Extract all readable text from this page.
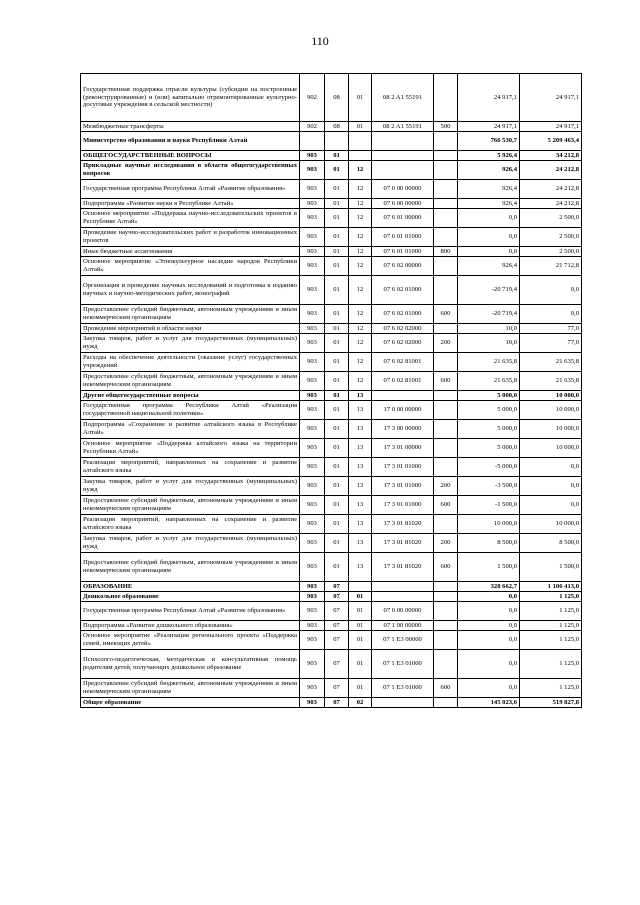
110
Государственная поддержка отрасли культуры (субсидии на построенные (реконструированные) и (или) капитально отремонтированные культурно-досуговые учреждения в сельской местности)	902	08	01	08 2 A1 55191		24 917,1	24 917,1
Межбюджетные трансферты	902	08	01	08 2 A1 55191	500	24 917,1	24 917,1
Министерство образования и науки Республики Алтай						766 530,7	5 209 463,4
ОБЩЕГОСУДАРСТВЕННЫЕ ВОПРОСЫ	903	01				5 926,4	34 212,8
Прикладные научные исследования в области общегосударственных вопросов	903	01	12			926,4	24 212,8
Государственная программа Республики Алтай «Развитие образования»	903	01	12	07 0 00 00000		926,4	24 212,8
Подпрограмма «Развитие науки в Республике Алтай»	903	01	12	07 6 00 00000		926,4	24 212,8
Основное мероприятие «Поддержка научно-исследовательских проектов в Республике Алтай»	903	01	12	07 6 01 00000		0,0	2 500,0
Проведение научно-исследовательских работ и разработок инновационных проектов	903	01	12	07 6 01 01000		0,0	2 500,0
Иные бюджетные ассигнования	903	01	12	07 6 01 01000	800	0,0	2 500,0
Основное мероприятие «Этнокультурное наследие народов Республики Алтай»	903	01	12	07 6 02 00000		926,4	21 712,8
Организация и проведение научных исследований и подготовка к изданию научных и научно-методических работ, монографий	903	01	12	07 6 02 01000		-20 719,4	0,0
Предоставление субсидий бюджетным, автономным учреждениям и иным некоммерческим организациям	903	01	12	07 6 02 01000	600	-20 719,4	0,0
Проведение мероприятий в области науки	903	01	12	07 6 02 02000		10,0	77,0
Закупка товаров, работ и услуг для государственных (муниципальных) нужд	903	01	12	07 6 02 02000	200	10,0	77,0
Расходы на обеспечение деятельности (оказание услуг) государственных учреждений	903	01	12	07 6 02 81001		21 635,8	21 635,8
Предоставление субсидий бюджетным, автономным учреждениям и иным некоммерческим организациям	903	01	12	07 6 02 81001	600	21 635,8	21 635,8
Другие общегосударственные вопросы	903	01	13			5 000,0	10 000,0
Государственная программа Республики Алтай «Реализация государственной национальной политики»	903	01	13	17 0 00 00000		5 000,0	10 000,0
Подпрограмма «Сохранение и развитие алтайского языка в Республике Алтай»	903	01	13	17 3 00 00000		5 000,0	10 000,0
Основное мероприятие «Поддержка алтайского языка на территории Республики Алтай»	903	01	13	17 3 01 00000		5 000,0	10 000,0
Реализация мероприятий, направленных на сохранение и развитие алтайского языка	903	01	13	17 3 01 01000		-5 000,0	0,0
Закупка товаров, работ и услуг для государственных (муниципальных) нужд	903	01	13	17 3 01 01000	200	-3 500,0	0,0
Предоставление субсидий бюджетным, автономным учреждениям и иным некоммерческим организациям	903	01	13	17 3 01 01000	600	-1 500,0	0,0
Реализация мероприятий, направленных на сохранение и развитие алтайского языка	903	01	13	17 3 01 81020		10 000,0	10 000,0
Закупка товаров, работ и услуг для государственных (муниципальных) нужд	903	01	13	17 3 01 81020	200	8 500,0	8 500,0
Предоставление субсидий бюджетным, автономным учреждениям и иным некоммерческим организациям	903	01	13	17 3 01 81020	600	1 500,0	1 500,0
ОБРАЗОВАНИЕ	903	07				328 662,7	1 106 413,0
Дошкольное образование	903	07	01			0,0	1 125,0
Государственная программа Республики Алтай «Развитие образования»	903	07	01	07 0 00 00000		0,0	1 125,0
Подпрограмма «Развитие дошкольного образования»	903	07	01	07 1 00 00000		0,0	1 125,0
Основное мероприятие «Реализация регионального проекта «Поддержка семей, имеющих детей»	903	07	01	07 1 E3 00000		0,0	1 125,0
Психолого-педагогическая, методическая и консультативная помощь родителям детей, получающих дошкольное образование	903	07	01	07 1 E3 01000		0,0	1 125,0
Предоставление субсидий бюджетным, автономным учреждениям и иным некоммерческим организациям	903	07	01	07 1 E3 01000	600	0,0	1 125,0
Общее образование	903	07	02			145 023,6	519 827,8
